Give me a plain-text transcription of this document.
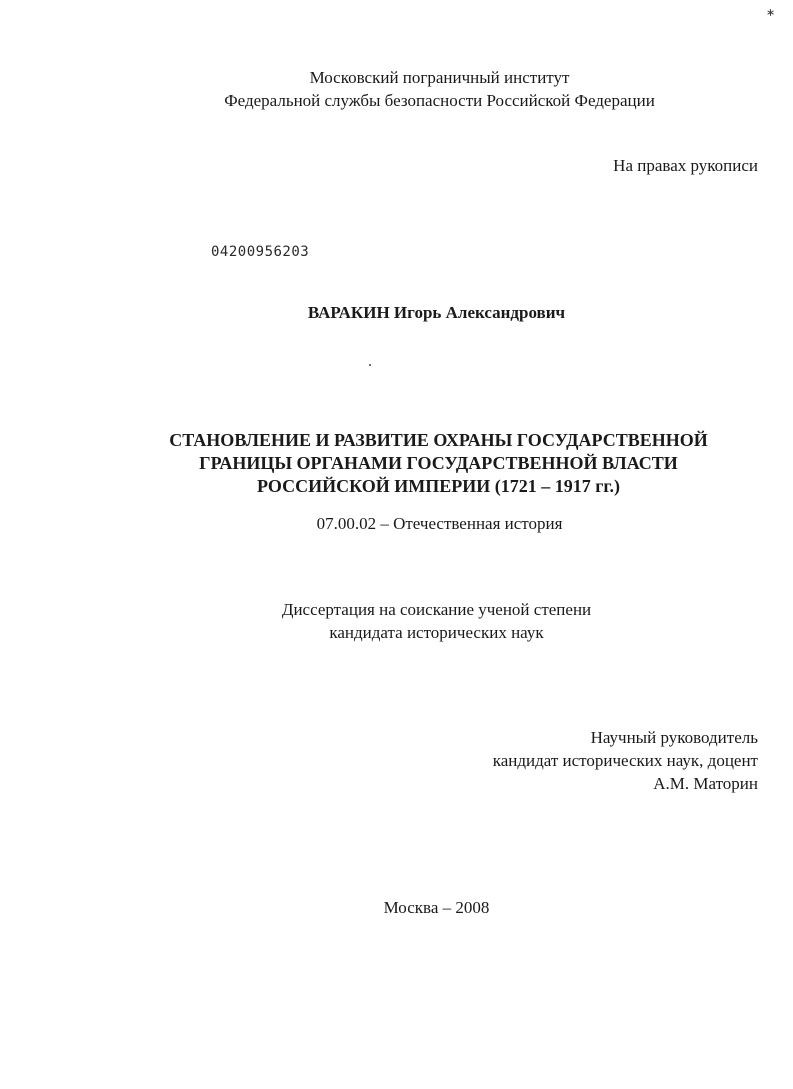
∗
Московский пограничный институт
Федеральной службы безопасности Российской Федерации
На правах рукописи
04200956203
ВАРАКИН Игорь Александрович
СТАНОВЛЕНИЕ И РАЗВИТИЕ ОХРАНЫ ГОСУДАРСТВЕННОЙ
ГРАНИЦЫ ОРГАНАМИ ГОСУДАРСТВЕННОЙ ВЛАСТИ
РОССИЙСКОЙ ИМПЕРИИ (1721 – 1917 гг.)
07.00.02 – Отечественная история
Диссертация на соискание ученой степени
кандидата исторических наук
Научный руководитель
кандидат исторических наук, доцент
А.М. Маторин
Москва – 2008
